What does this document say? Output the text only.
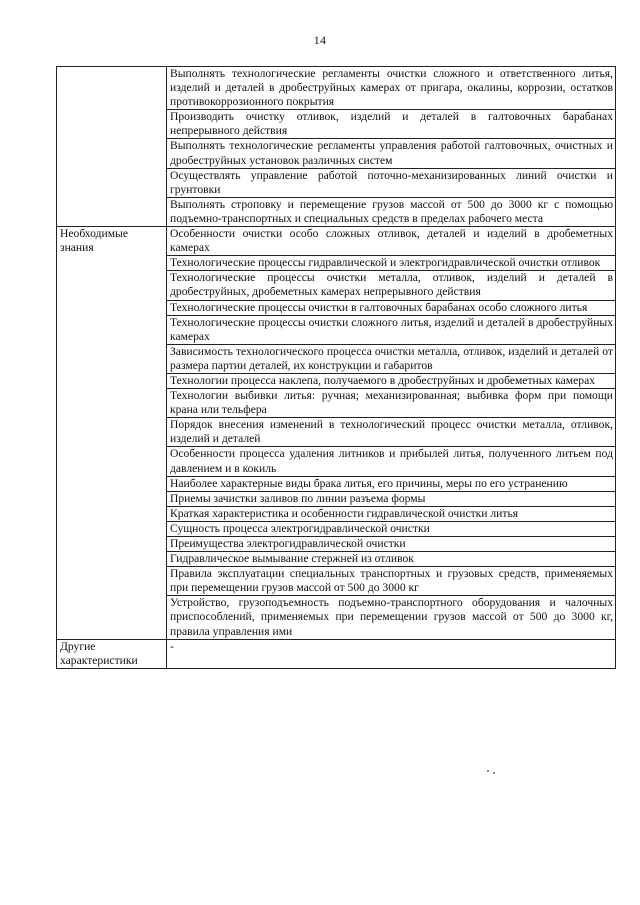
14
	Выполнять технологические регламенты очистки сложного и ответственного литья, изделий и деталей в дробеструйных камерах от пригара, окалины, коррозии, остатков противокоррозионного покрытия
	Производить очистку отливок, изделий и деталей в галтовочных барабанах непрерывного действия
	Выполнять технологические регламенты управления работой галтовочных, очистных и дробеструйных установок различных систем
	Осуществлять управление работой поточно-механизированных линий очистки и грунтовки
	Выполнять строповку и перемещение грузов массой от 500 до 3000 кг с помощью подъемно-транспортных и специальных средств в пределах рабочего места
Необходимые знания	Особенности очистки особо сложных отливок, деталей и изделий в дробеметных камерах
	Технологические процессы гидравлической и электрогидравлической очистки отливок
	Технологические процессы очистки металла, отливок, изделий и деталей в дробеструйных, дробеметных камерах непрерывного действия
	Технологические процессы очистки в галтовочных барабанах особо сложного литья
	Технологические процессы очистки сложного литья, изделий и деталей в дробеструйных камерах
	Зависимость технологического процесса очистки металла, отливок, изделий и деталей от размера партии деталей, их конструкции и габаритов
	Технологии процесса наклепа, получаемого в дробеструйных и дробеметных камерах
	Технологии выбивки литья: ручная; механизированная; выбивка форм при помощи крана или тельфера
	Порядок внесения изменений в технологический процесс очистки металла, отливок, изделий и деталей
	Особенности процесса удаления литников и прибылей литья, полученного литьем под давлением и в кокиль
	Наиболее характерные виды брака литья, его причины, меры по его устранению
	Приемы зачистки заливов по линии разъема формы
	Краткая характеристика и особенности гидравлической очистки литья
	Сущность процесса электрогидравлической очистки
	Преимущества электрогидравлической очистки
	Гидравлическое вымывание стержней из отливок
	Правила эксплуатации специальных транспортных и грузовых средств, применяемых при перемещении грузов массой от 500 до 3000 кг
	Устройство, грузоподъемность подъемно-транспортного оборудования и чалочных приспособлений, применяемых при перемещении грузов массой от 500 до 3000 кг, правила управления ими
Другие характеристики	-
